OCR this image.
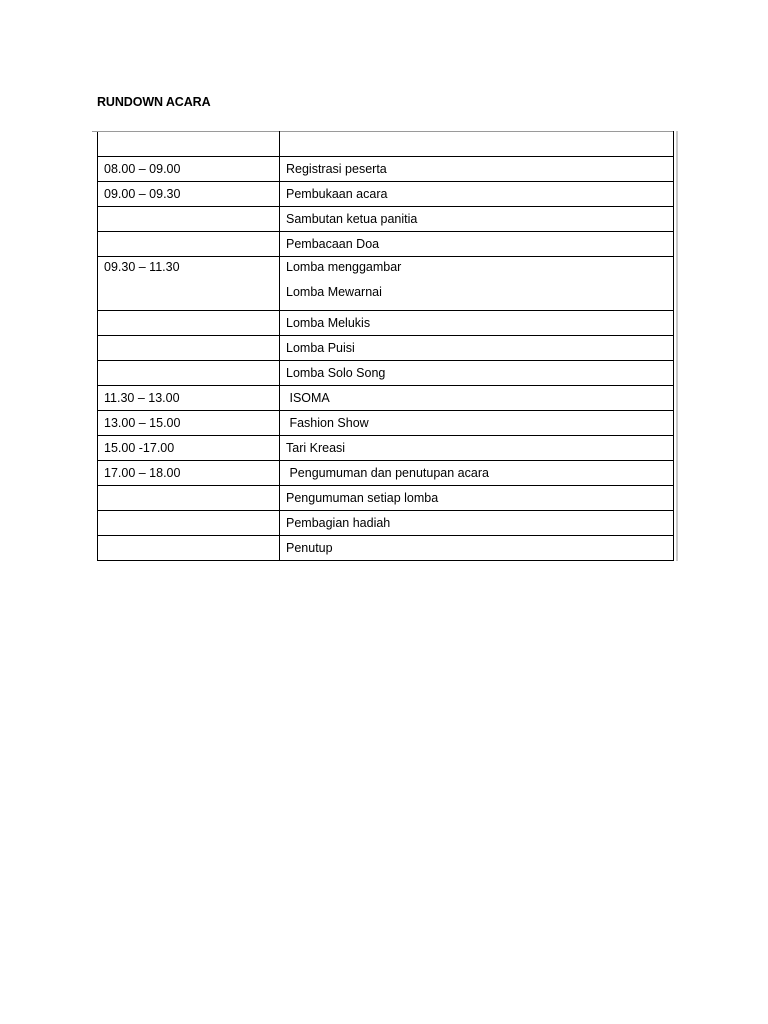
RUNDOWN ACARA

08.00 – 09.00	Registrasi peserta
09.00 – 09.30	Pembukaan acara
	Sambutan ketua panitia
	Pembacaan Doa

09.30 – 11.30	Lomba menggambar
Lomba Mewarnai

	Lomba Melukis
	Lomba Puisi
	Lomba Solo Song
11.30 – 13.00	ISOMA
13.00 – 15.00	Fashion Show
15.00 -17.00	Tari Kreasi
17.00 – 18.00	Pengumuman dan penutupan acara
	Pengumuman setiap lomba
	Pembagian hadiah
	Penutup
